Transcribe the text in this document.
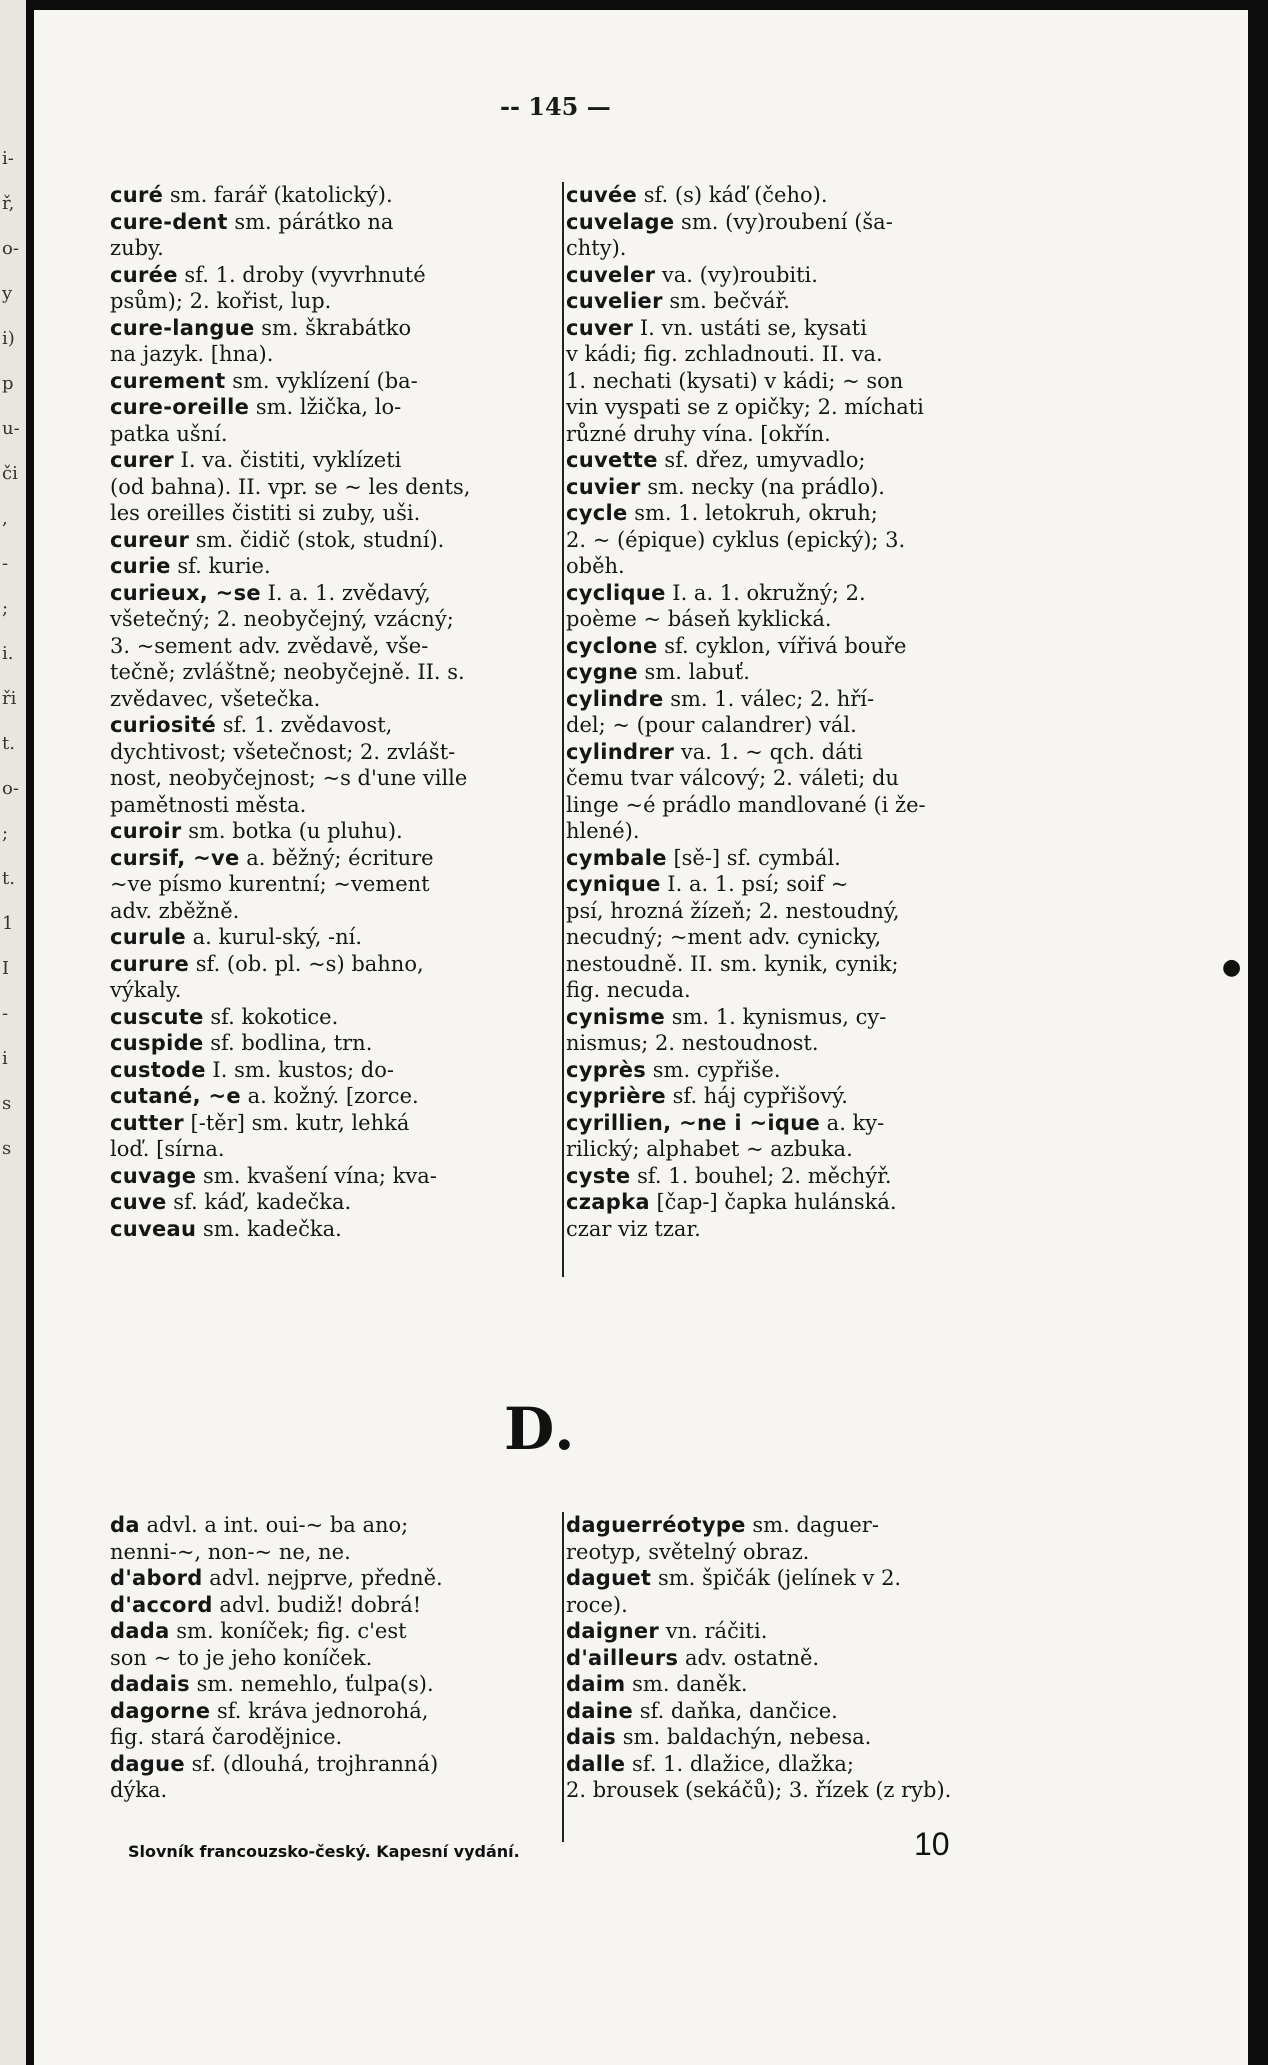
i-
ř,
o-
y
i)
p
u-
či
,
-
;
i.
ři
t.
o-
;
t.
1
I
-
i
s
s
-- 145 —
curé sm. farář (katolický).
cure-dent sm. párátko na
zuby.
curée sf. 1. droby (vyvrhnuté
psům); 2. kořist, lup.
cure-langue sm. škrabátko
na jazyk. [hna).
curement sm. vyklízení (ba-
cure-oreille sm. lžička, lo-
patka ušní.
curer I. va. čistiti, vyklízeti
(od bahna). II. vpr. se ~ les dents,
les oreilles čistiti si zuby, uši.
cureur sm. čidič (stok, studní).
curie sf. kurie.
curieux, ~se I. a. 1. zvědavý,
všetečný; 2. neobyčejný, vzácný;
3. ~sement adv. zvědavě, vše-
tečně; zvláštně; neobyčejně. II. s.
zvědavec, všetečka.
curiosité sf. 1. zvědavost,
dychtivost; všetečnost; 2. zvlášt-
nost, neobyčejnost; ~s d'une ville
pamětnosti města.
curoir sm. botka (u pluhu).
cursif, ~ve a. běžný; écriture
~ve písmo kurentní; ~vement
adv. zběžně.
curule a. kurul-ský, -ní.
curure sf. (ob. pl. ~s) bahno,
výkaly.
cuscute sf. kokotice.
cuspide sf. bodlina, trn.
custode I. sm. kustos; do-
cutané, ~e a. kožný. [zorce.
cutter [-těr] sm. kutr, lehká
loď. [sírna.
cuvage sm. kvašení vína; kva-
cuve sf. káď, kadečka.
cuveau sm. kadečka.
cuvée sf. (s) káď (čeho).
cuvelage sm. (vy)roubení (ša-
chty).
cuveler va. (vy)roubiti.
cuvelier sm. bečvář.
cuver I. vn. ustáti se, kysati
v kádi; fig. zchladnouti. II. va.
1. nechati (kysati) v kádi; ~ son
vin vyspati se z opičky; 2. míchati
různé druhy vína. [okřín.
cuvette sf. dřez, umyvadlo;
cuvier sm. necky (na prádlo).
cycle sm. 1. letokruh, okruh;
2. ~ (épique) cyklus (epický); 3.
oběh.
cyclique I. a. 1. okružný; 2.
poème ~ báseň kyklická.
cyclone sf. cyklon, vířivá bouře
cygne sm. labuť.
cylindre sm. 1. válec; 2. hří-
del; ~ (pour calandrer) vál.
cylindrer va. 1. ~ qch. dáti
čemu tvar válcový; 2. váleti; du
linge ~é prádlo mandlované (i že-
hlené).
cymbale [sě-] sf. cymbál.
cynique I. a. 1. psí; soif ~
psí, hrozná žízeň; 2. nestoudný,
necudný; ~ment adv. cynicky,
nestoudně. II. sm. kynik, cynik;
fig. necuda.
cynisme sm. 1. kynismus, cy-
nismus; 2. nestoudnost.
cyprès sm. cypřiše.
cyprière sf. háj cypřišový.
cyrillien, ~ne i ~ique a. ky-
rilický; alphabet ~ azbuka.
cyste sf. 1. bouhel; 2. měchýř.
czapka [čap-] čapka hulánská.
czar viz tzar.
D.
da advl. a int. oui-~ ba ano;
nenni-~, non-~ ne, ne.
d'abord advl. nejprve, předně.
d'accord advl. budiž! dobrá!
dada sm. koníček; fig. c'est
son ~ to je jeho koníček.
dadais sm. nemehlo, ťulpa(s).
dagorne sf. kráva jednorohá,
fig. stará čarodějnice.
dague sf. (dlouhá, trojhranná)
dýka.
daguerréotype sm. daguer-
reotyp, světelný obraz.
daguet sm. špičák (jelínek v 2.
roce).
daigner vn. ráčiti.
d'ailleurs adv. ostatně.
daim sm. daněk.
daine sf. daňka, dančice.
dais sm. baldachýn, nebesa.
dalle sf. 1. dlažice, dlažka;
2. brousek (sekáčů); 3. řízek (z ryb).
Slovník francouzsko-český. Kapesní vydání.	10
●
